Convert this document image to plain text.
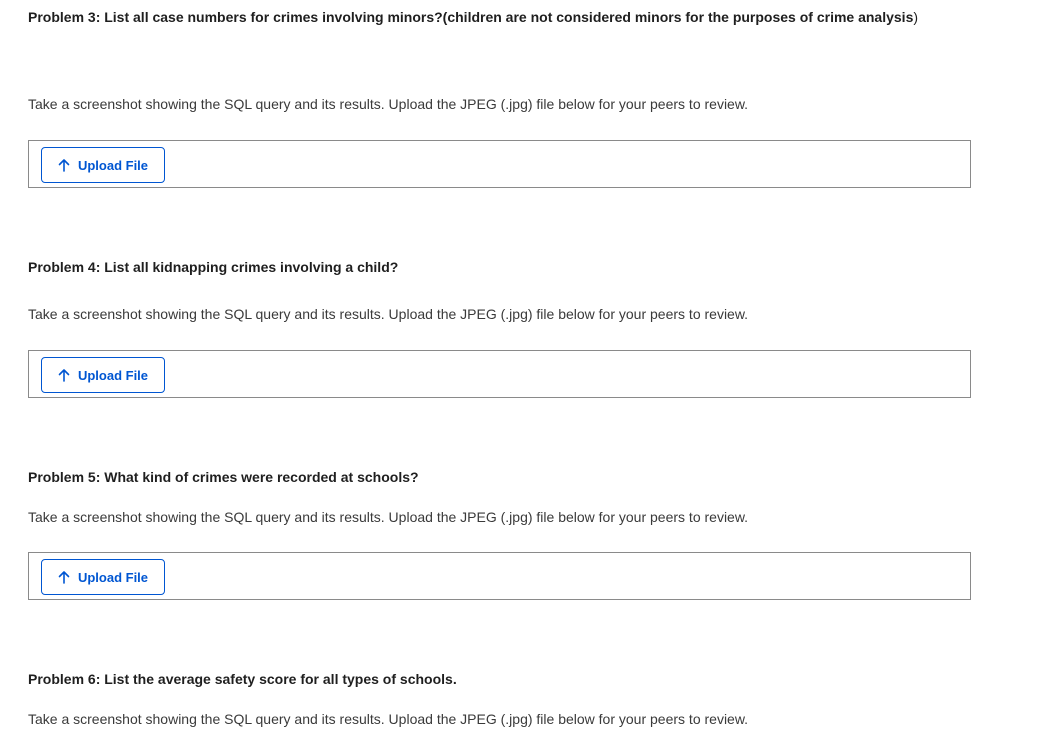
Problem 3: List all case numbers for crimes involving minors?(children are not considered minors for the purposes of crime analysis)

Take a screenshot showing the SQL query and its results. Upload the JPEG (.jpg) file below for your peers to review.

Upload File
Problem 4: List all kidnapping crimes involving a child?

Take a screenshot showing the SQL query and its results. Upload the JPEG (.jpg) file below for your peers to review.

Upload File
Problem 5: What kind of crimes were recorded at schools?

Take a screenshot showing the SQL query and its results. Upload the JPEG (.jpg) file below for your peers to review.

Upload File
Problem 6: List the average safety score for all types of schools.

Take a screenshot showing the SQL query and its results. Upload the JPEG (.jpg) file below for your peers to review.
